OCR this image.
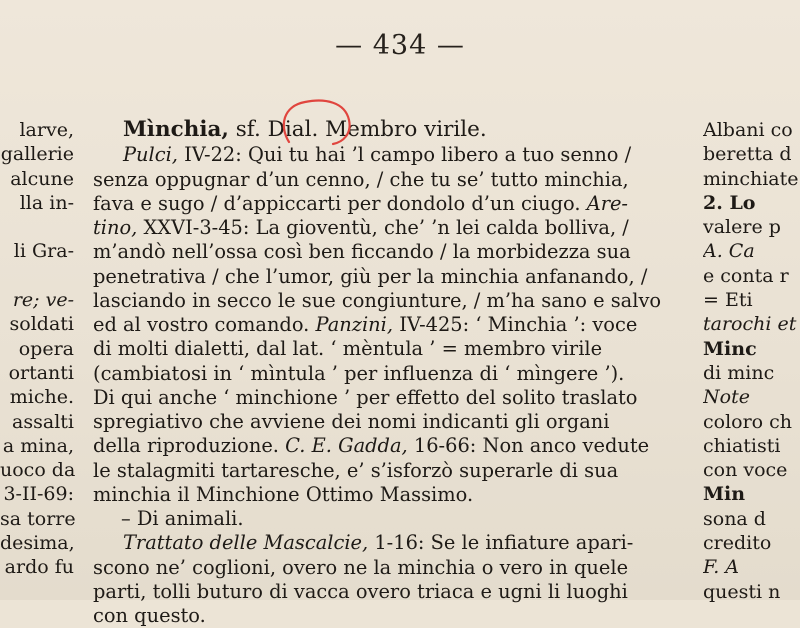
— 434 —
larve,
gallerie
alcune
lla in-
li Gra-
re; ve-
soldati
opera
ortanti
miche.
assalti
a mina,
uoco da
3-II-69:
sa torre
desima,
ardo fu
Mìnchia, sf. Dial. Membro virile.
Pulci, IV-22: Qui tu hai ’l campo libero a tuo senno /
senza oppugnar d’un cenno, / che tu se’ tutto minchia,
fava e sugo / d’appiccarti per dondolo d’un ciugo. Are-
tino, XXVI-3-45: La gioventù, che’ ’n lei calda bolliva, /
m’andò nell’ossa così ben ficcando / la morbidezza sua
penetrativa / che l’umor, giù per la minchia anfanando, /
lasciando in secco le sue congiunture, / m’ha sano e salvo
ed al vostro comando. Panzini, IV-425: ‘ Minchia ’: voce
di molti dialetti, dal lat. ‘ mèntula ’ = membro virile
(cambiatosi in ‘ mìntula ’ per influenza di ‘ mìngere ’).
Di qui anche ‘ minchione ’ per effetto del solito traslato
spregiativo che avviene dei nomi indicanti gli organi
della riproduzione. C. E. Gadda, 16-66: Non anco vedute
le stalagmiti tartaresche, e’ s’isforzò superarle di sua
minchia il Minchione Ottimo Massimo.
– Di animali.
Trattato delle Mascalcie, 1-16: Se le infiature apari-
scono ne’ coglioni, overo ne la minchia o vero in quele
parti, tolli buturo di vacca overo triaca e ugni li luoghi
con questo.
Albani co
beretta d
minchiate
2. Lo
valere p
A. Ca
e conta r
= Eti
tarochi et
Minc
di minc
Note
coloro ch
chiatisti
con voce
Min
sona d
credito
F. A
questi n
